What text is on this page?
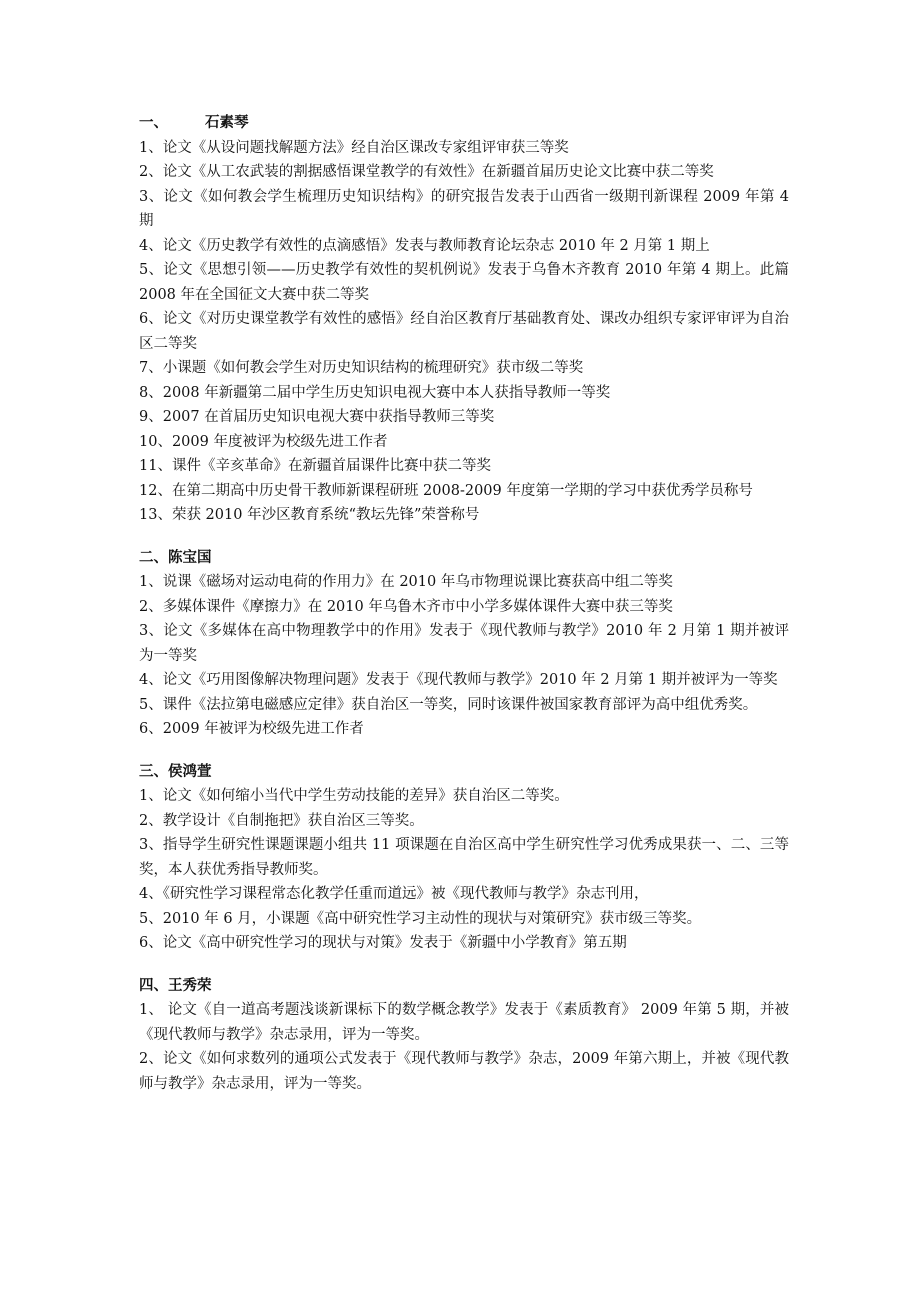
一、	石素琴
1、论文《从设问题找解题方法》经自治区课改专家组评审获三等奖
2、论文《从工农武装的割据感悟课堂教学的有效性》在新疆首届历史论文比赛中获二等奖
3、论文《如何教会学生梳理历史知识结构》的研究报告发表于山西省一级期刊新课程 2009 年第 4 期
4、论文《历史教学有效性的点滴感悟》发表与教师教育论坛杂志 2010 年 2 月第 1 期上
5、论文《思想引领——历史教学有效性的契机例说》发表于乌鲁木齐教育 2010 年第 4 期上。此篇 2008 年在全国征文大赛中获二等奖
6、论文《对历史课堂教学有效性的感悟》经自治区教育厅基础教育处、课改办组织专家评审评为自治区二等奖
7、小课题《如何教会学生对历史知识结构的梳理研究》获市级二等奖
8、2008 年新疆第二届中学生历史知识电视大赛中本人获指导教师一等奖
9、2007 在首届历史知识电视大赛中获指导教师三等奖
10、2009 年度被评为校级先进工作者
11、课件《辛亥革命》在新疆首届课件比赛中获二等奖
12、在第二期高中历史骨干教师新课程研班 2008-2009 年度第一学期的学习中获优秀学员称号
13、荣获 2010 年沙区教育系统“教坛先锋”荣誉称号
二、陈宝国
1、说课《磁场对运动电荷的作用力》在 2010 年乌市物理说课比赛获高中组二等奖
2、多媒体课件《摩擦力》在 2010 年乌鲁木齐市中小学多媒体课件大赛中获三等奖
3、论文《多媒体在高中物理教学中的作用》发表于《现代教师与教学》2010 年 2 月第 1 期并被评为一等奖
4、论文《巧用图像解决物理问题》发表于《现代教师与教学》2010 年 2 月第 1 期并被评为一等奖
5、课件《法拉第电磁感应定律》获自治区一等奖，同时该课件被国家教育部评为高中组优秀奖。
6、2009 年被评为校级先进工作者
三、侯鸿萱
1、论文《如何缩小当代中学生劳动技能的差异》获自治区二等奖。
2、教学设计《自制拖把》获自治区三等奖。
3、指导学生研究性课题课题小组共 11 项课题在自治区高中学生研究性学习优秀成果获一、二、三等奖，本人获优秀指导教师奖。
4、《研究性学习课程常态化教学任重而道远》被《现代教师与教学》杂志刊用，
5、2010 年 6 月，小课题《高中研究性学习主动性的现状与对策研究》获市级三等奖。
6、论文《高中研究性学习的现状与对策》发表于《新疆中小学教育》第五期
四、王秀荣
1、 论文《自一道高考题浅谈新课标下的数学概念教学》发表于《素质教育》 2009 年第 5 期，并被《现代教师与教学》杂志录用，评为一等奖。
2、论文《如何求数列的通项公式发表于《现代教师与教学》杂志，2009 年第六期上，并被《现代教师与教学》杂志录用，评为一等奖。
